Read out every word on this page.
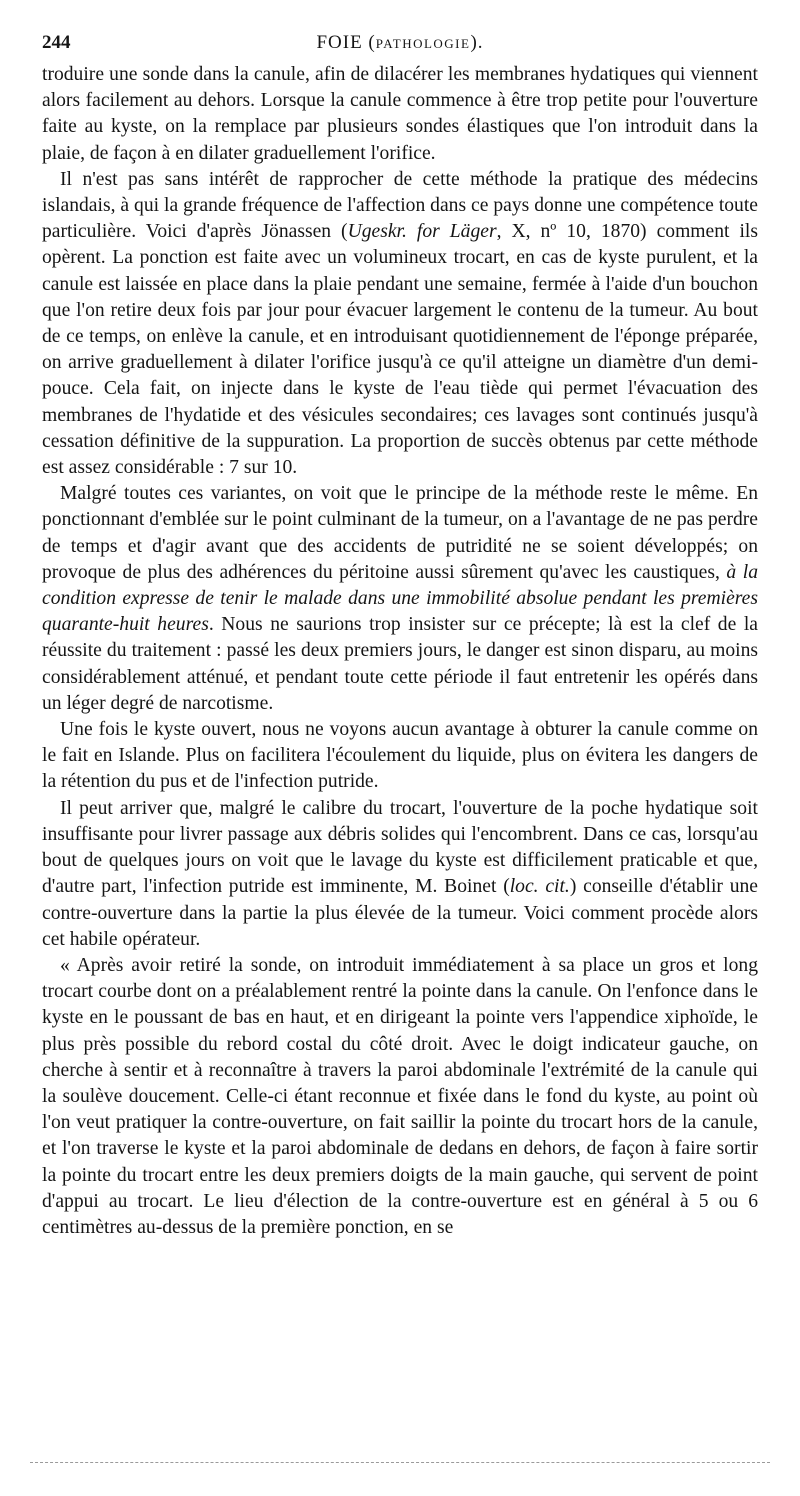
244	FOIE (PATHOLOGIE).

troduire une sonde dans la canule, afin de dilacérer les membranes hydatiques qui viennent alors facilement au dehors. Lorsque la canule commence à être trop petite pour l'ouverture faite au kyste, on la remplace par plusieurs sondes élastiques que l'on introduit dans la plaie, de façon à en dilater graduellement l'orifice.

Il n'est pas sans intérêt de rapprocher de cette méthode la pratique des médecins islandais, à qui la grande fréquence de l'affection dans ce pays donne une compétence toute particulière. Voici d'après Jönassen (Ugeskr. for Läger, X, nº 10, 1870) comment ils opèrent. La ponction est faite avec un volumineux trocart, en cas de kyste purulent, et la canule est laissée en place dans la plaie pendant une semaine, fermée à l'aide d'un bouchon que l'on retire deux fois par jour pour évacuer largement le contenu de la tumeur. Au bout de ce temps, on enlève la canule, et en introduisant quotidiennement de l'éponge préparée, on arrive graduellement à dilater l'orifice jusqu'à ce qu'il atteigne un diamètre d'un demi-pouce. Cela fait, on injecte dans le kyste de l'eau tiède qui permet l'évacuation des membranes de l'hydatide et des vésicules secondaires; ces lavages sont continués jusqu'à cessation définitive de la suppuration. La proportion de succès obtenus par cette méthode est assez considérable : 7 sur 10.

Malgré toutes ces variantes, on voit que le principe de la méthode reste le même. En ponctionnant d'emblée sur le point culminant de la tumeur, on a l'avantage de ne pas perdre de temps et d'agir avant que des accidents de putridité ne se soient développés; on provoque de plus des adhérences du péritoine aussi sûrement qu'avec les caustiques, à la condition expresse de tenir le malade dans une immobilité absolue pendant les premières quarante-huit heures. Nous ne saurions trop insister sur ce précepte; là est la clef de la réussite du traitement : passé les deux premiers jours, le danger est sinon disparu, au moins considérablement atténué, et pendant toute cette période il faut entretenir les opérés dans un léger degré de narcotisme.

Une fois le kyste ouvert, nous ne voyons aucun avantage à obturer la canule comme on le fait en Islande. Plus on facilitera l'écoulement du liquide, plus on évitera les dangers de la rétention du pus et de l'infection putride.

Il peut arriver que, malgré le calibre du trocart, l'ouverture de la poche hydatique soit insuffisante pour livrer passage aux débris solides qui l'encombrent. Dans ce cas, lorsqu'au bout de quelques jours on voit que le lavage du kyste est difficilement praticable et que, d'autre part, l'infection putride est imminente, M. Boinet (loc. cit.) conseille d'établir une contre-ouverture dans la partie la plus élevée de la tumeur. Voici comment procède alors cet habile opérateur.

« Après avoir retiré la sonde, on introduit immédiatement à sa place un gros et long trocart courbe dont on a préalablement rentré la pointe dans la canule. On l'enfonce dans le kyste en le poussant de bas en haut, et en dirigeant la pointe vers l'appendice xiphoïde, le plus près possible du rebord costal du côté droit. Avec le doigt indicateur gauche, on cherche à sentir et à reconnaître à travers la paroi abdominale l'extrémité de la canule qui la soulève doucement. Celle-ci étant reconnue et fixée dans le fond du kyste, au point où l'on veut pratiquer la contre-ouverture, on fait saillir la pointe du trocart hors de la canule, et l'on traverse le kyste et la paroi abdominale de dedans en dehors, de façon à faire sortir la pointe du trocart entre les deux premiers doigts de la main gauche, qui servent de point d'appui au trocart. Le lieu d'élection de la contre-ouverture est en général à 5 ou 6 centimètres au-dessus de la première ponction, en se
